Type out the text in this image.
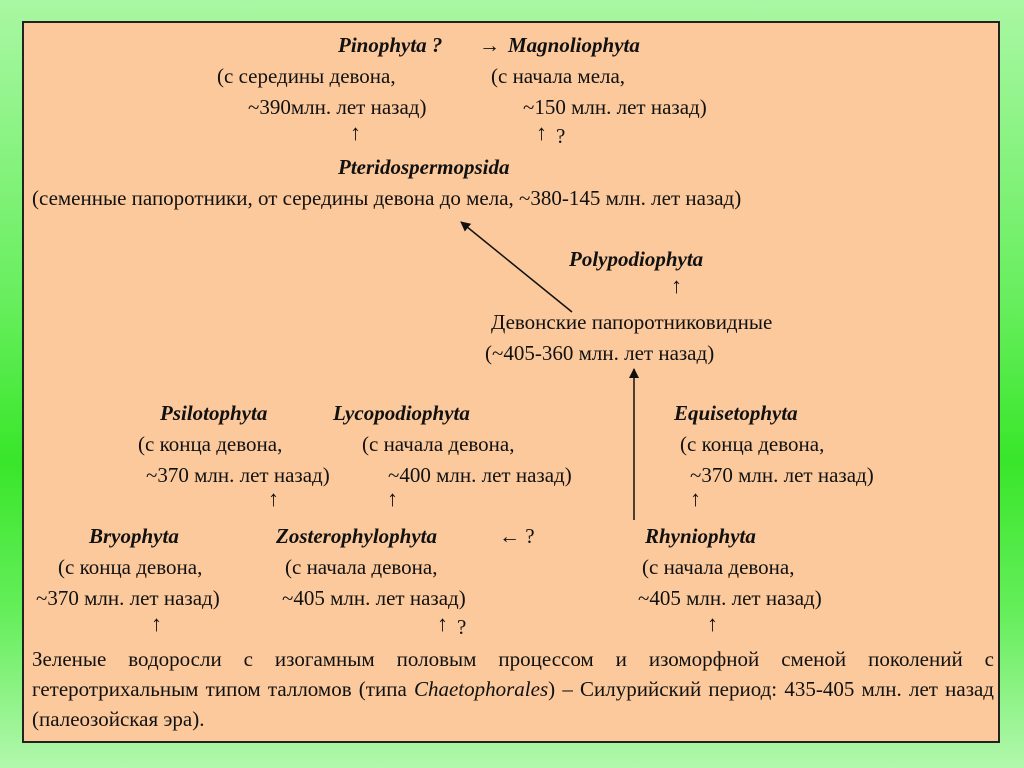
Pinophyta ? → Magnoliophyta
(с середины девона,	(с начала мела,
~390млн. лет назад)	~150 млн. лет назад)
↑	↑ ?
Pteridospermopsida
(семенные папоротники, от середины девона до мела, ~380-145 млн. лет назад)
Polypodiophyta
↑
Девонские папоротниковидные
(~405-360 млн. лет назад)
Psilotophyta	Lycopodiophyta	Equisetophyta
(с конца девона,	(с начала девона,	(с конца девона,
~370 млн. лет назад)	~400 млн. лет назад)	~370 млн. лет назад)
↑	↑	↑
Bryophyta	Zosterophylophyta	← ?	Rhyniophyta
(с конца девона,	(с начала девона,	(с начала девона,
~370 млн. лет назад)	~405 млн. лет назад)	~405 млн. лет назад)
↑	↑ ?	↑
Зеленые водоросли с изогамным половым процессом и изоморфной сменой поколений с гетеротрихальным типом талломов (типа Chaetophorales) – Силурийский период: 435-405 млн. лет назад (палеозойская эра).
